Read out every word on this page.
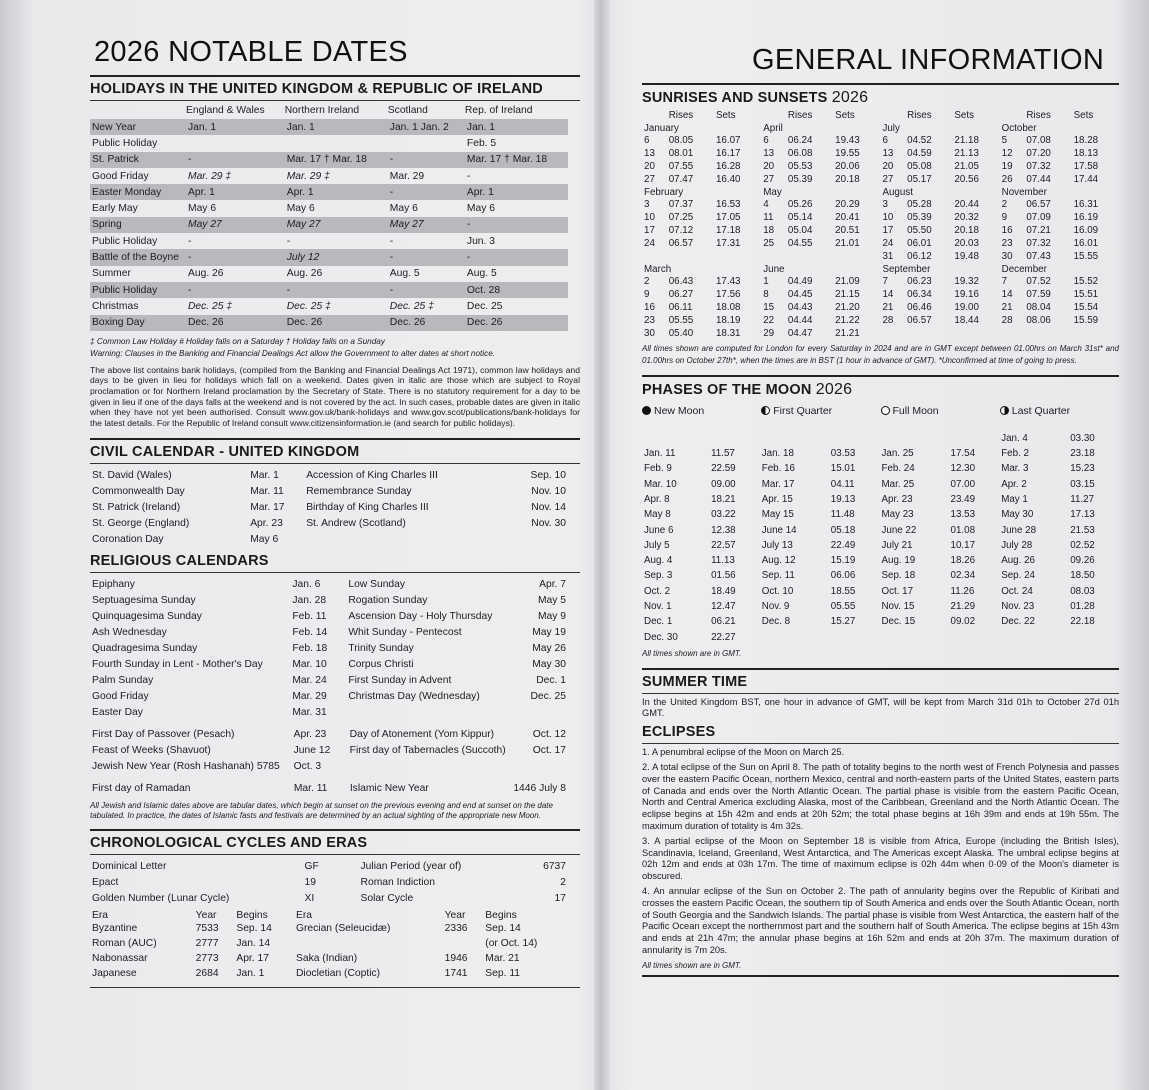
2026 NOTABLE DATES
HOLIDAYS IN THE UNITED KINGDOM & REPUBLIC OF IRELAND
	England & Wales	Northern Ireland	Scotland	Rep. of Ireland
New Year	Jan. 1	Jan. 1	Jan. 1 Jan. 2	Jan. 1
Public Holiday				Feb. 5
St. Patrick	-	Mar. 17 † Mar. 18	-	Mar. 17 † Mar. 18
Good Friday	Mar. 29 ‡	Mar. 29 ‡	Mar. 29	-
Easter Monday	Apr. 1	Apr. 1	-	Apr. 1
Early May	May 6	May 6	May 6	May 6
Spring	May 27	May 27	May 27	-
Public Holiday	-	-	-	Jun. 3
Battle of the Boyne	-	July 12	-	-
Summer	Aug. 26	Aug. 26	Aug. 5	Aug. 5
Public Holiday	-	-	-	Oct. 28
Christmas	Dec. 25 ‡	Dec. 25 ‡	Dec. 25 ‡	Dec. 25
Boxing Day	Dec. 26	Dec. 26	Dec. 26	Dec. 26
‡ Common Law Holiday # Holiday falls on a Saturday † Holiday falls on a Sunday
Warning: Clauses in the Banking and Financial Dealings Act allow the Government to alter dates at short notice.
The above list contains bank holidays, (compiled from the Banking and Financial Dealings Act 1971), common law holidays and days to be given in lieu for holidays which fall on a weekend. Dates given in italic are those which are subject to Royal proclamation or for Northern Ireland proclamation by the Secretary of State. There is no statutory requirement for a day to be given in lieu if one of the days falls at the weekend and is not covered by the act. In such cases, probable dates are given in italic when they have not yet been authorised. Consult www.gov.uk/bank-holidays and www.gov.scot/publications/bank-holidays for the latest details. For the Republic of Ireland consult www.citizensinformation.ie (and search for public holidays).
CIVIL CALENDAR - UNITED KINGDOM
St. David (Wales)	Mar. 1	Accession of King Charles III	Sep. 10
Commonwealth Day	Mar. 11	Remembrance Sunday	Nov. 10
St. Patrick (Ireland)	Mar. 17	Birthday of King Charles III	Nov. 14
St. George (England)	Apr. 23	St. Andrew (Scotland)	Nov. 30
Coronation Day	May 6		
RELIGIOUS CALENDARS
Epiphany	Jan. 6	Low Sunday	Apr. 7
Septuagesima Sunday	Jan. 28	Rogation Sunday	May 5
Quinquagesima Sunday	Feb. 11	Ascension Day - Holy Thursday	May 9
Ash Wednesday	Feb. 14	Whit Sunday - Pentecost	May 19
Quadragesima Sunday	Feb. 18	Trinity Sunday	May 26
Fourth Sunday in Lent - Mother's Day	Mar. 10	Corpus Christi	May 30
Palm Sunday	Mar. 24	First Sunday in Advent	Dec. 1
Good Friday	Mar. 29	Christmas Day (Wednesday)	Dec. 25
Easter Day	Mar. 31		
First Day of Passover (Pesach)	Apr. 23	Day of Atonement (Yom Kippur)	Oct. 12
Feast of Weeks (Shavuot)	June 12	First day of Tabernacles (Succoth)	Oct. 17
Jewish New Year (Rosh Hashanah) 5785	Oct. 3		
First day of Ramadan	Mar. 11	Islamic New Year	1446 July 8
All Jewish and Islamic dates above are tabular dates, which begin at sunset on the previous evening and end at sunset on the date tabulated. In practice, the dates of Islamic fasts and festivals are determined by an actual sighting of the appropriate new Moon.
CHRONOLOGICAL CYCLES AND ERAS
Dominical Letter	GF	Julian Period (year of)	6737
Epact	19	Roman Indiction	2
Golden Number (Lunar Cycle)	XI	Solar Cycle	17
Era	Year	Begins	Era	Year	Begins
Byzantine	7533	Sep. 14	Grecian (Seleucidæ)	2336	Sep. 14
Roman (AUC)	2777	Jan. 14			(or Oct. 14)
Nabonassar	2773	Apr. 17	Saka (Indian)	1946	Mar. 21
Japanese	2684	Jan. 1	Diocletian (Coptic)	1741	Sep. 11
GENERAL INFORMATION
SUNRISES AND SUNSETS 2026
	Rises	Sets		Rises	Sets		Rises	Sets		Rises	Sets
January			April			July			October		
6	08.05	16.07	6	06.24	19.43	6	04.52	21.18	5	07.08	18.28
13	08.01	16.17	13	06.08	19.55	13	04.59	21.13	12	07.20	18.13
20	07.55	16.28	20	05.53	20.06	20	05.08	21.05	19	07.32	17.58
27	07.47	16.40	27	05.39	20.18	27	05.17	20.56	26	07.44	17.44
February			May			August			November		
3	07.37	16.53	4	05.26	20.29	3	05.28	20.44	2	06.57	16.31
10	07.25	17.05	11	05.14	20.41	10	05.39	20.32	9	07.09	16.19
17	07.12	17.18	18	05.04	20.51	17	05.50	20.18	16	07.21	16.09
24	06.57	17.31	25	04.55	21.01	24	06.01	20.03	23	07.32	16.01
						31	06.12	19.48	30	07.43	15.55
March			June			September			December		
2	06.43	17.43	1	04.49	21.09	7	06.23	19.32	7	07.52	15.52
9	06.27	17.56	8	04.45	21.15	14	06.34	19.16	14	07.59	15.51
16	06.11	18.08	15	04.43	21.20	21	06.46	19.00	21	08.04	15.54
23	05.55	18.19	22	04.44	21.22	28	06.57	18.44	28	08.06	15.59
30	05.40	18.31	29	04.47	21.21						
All times shown are computed for London for every Saturday in 2024 and are in GMT except between 01.00hrs on March 31st* and 01.00hrs on October 27th*, when the times are in BST (1 hour in advance of GMT). *Unconfirmed at time of going to press.
PHASES OF THE MOON 2026
New Moon	First Quarter	Full Moon	Last Quarter
						Jan. 4	03.30
Jan. 11	11.57	Jan. 18	03.53	Jan. 25	17.54	Feb. 2	23.18
Feb. 9	22.59	Feb. 16	15.01	Feb. 24	12.30	Mar. 3	15.23
Mar. 10	09.00	Mar. 17	04.11	Mar. 25	07.00	Apr. 2	03.15
Apr. 8	18.21	Apr. 15	19.13	Apr. 23	23.49	May 1	11.27
May 8	03.22	May 15	11.48	May 23	13.53	May 30	17.13
June 6	12.38	June 14	05.18	June 22	01.08	June 28	21.53
July 5	22.57	July 13	22.49	July 21	10.17	July 28	02.52
Aug. 4	11.13	Aug. 12	15.19	Aug. 19	18.26	Aug. 26	09.26
Sep. 3	01.56	Sep. 11	06.06	Sep. 18	02.34	Sep. 24	18.50
Oct. 2	18.49	Oct. 10	18.55	Oct. 17	11.26	Oct. 24	08.03
Nov. 1	12.47	Nov. 9	05.55	Nov. 15	21.29	Nov. 23	01.28
Dec. 1	06.21	Dec. 8	15.27	Dec. 15	09.02	Dec. 22	22.18
Dec. 30	22.27						
All times shown are in GMT.
SUMMER TIME
In the United Kingdom BST, one hour in advance of GMT, will be kept from March 31d 01h to October 27d 01h GMT.
ECLIPSES
1. A penumbral eclipse of the Moon on March 25.
2. A total eclipse of the Sun on April 8. The path of totality begins to the north west of French Polynesia and passes over the eastern Pacific Ocean, northern Mexico, central and north-eastern parts of the United States, eastern parts of Canada and ends over the North Atlantic Ocean. The partial phase is visible from the eastern Pacific Ocean, North and Central America excluding Alaska, most of the Caribbean, Greenland and the North Atlantic Ocean. The eclipse begins at 15h 42m and ends at 20h 52m; the total phase begins at 16h 39m and ends at 19h 55m. The maximum duration of totality is 4m 32s.
3. A partial eclipse of the Moon on September 18 is visible from Africa, Europe (including the British Isles), Scandinavia, Iceland, Greenland, West Antarctica, and The Americas except Alaska. The umbral eclipse begins at 02h 12m and ends at 03h 17m. The time of maximum eclipse is 02h 44m when 0·09 of the Moon's diameter is obscured.
4. An annular eclipse of the Sun on October 2. The path of annularity begins over the Republic of Kiribati and crosses the eastern Pacific Ocean, the southern tip of South America and ends over the South Atlantic Ocean, north of South Georgia and the Sandwich Islands. The partial phase is visible from West Antarctica, the eastern half of the Pacific Ocean except the northernmost part and the southern half of South America. The eclipse begins at 15h 43m and ends at 21h 47m; the annular phase begins at 16h 52m and ends at 20h 37m. The maximum duration of annularity is 7m 20s.
All times shown are in GMT.
